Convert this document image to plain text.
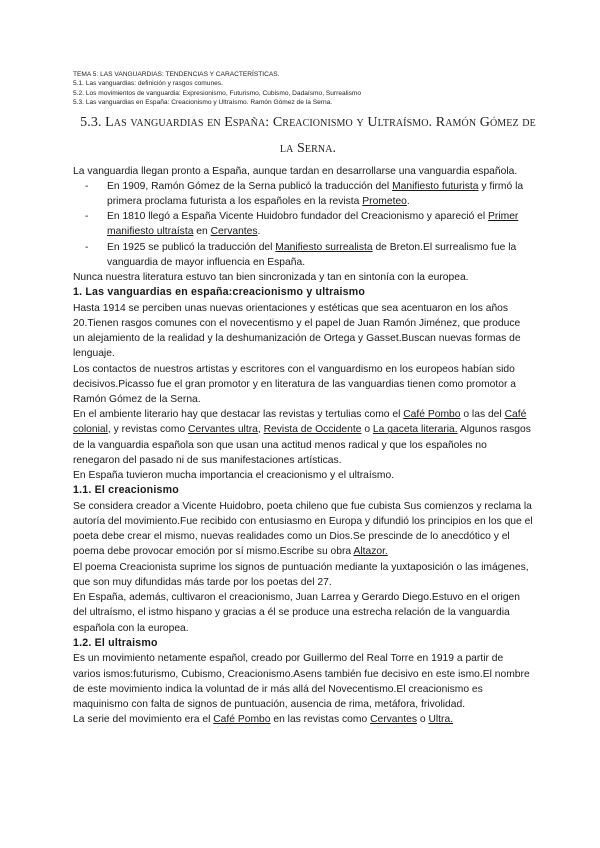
TEMA 5: LAS VANGUARDIAS: TENDENCIAS Y CARACTERÍSTICAS.
5.1. Las vanguardias: definición y rasgos comunes.
5.2. Los movimientos de vanguardia: Expresionismo, Futurismo, Cubismo, Dadaísmo, Surrealismo
5.3. Las vanguardias en España: Creacionismo y Ultraísmo. Ramón Gómez de la Serna.
5.3. Las vanguardias en España: Creacionismo y Ultraísmo. Ramón Gómez de la Serna.

La vanguardia llegan pronto a España, aunque tardan en desarrollarse una vanguardia española.

- En 1909, Ramón Gómez de la Serna publicó la traducción del Manifiesto futurista y firmó la primera proclama futurista a los españoles en la revista Prometeo.
- En 1810 llegó a España Vicente Huidobro fundador del Creacionismo y apareció el Primer manifiesto ultraísta en Cervantes.
- En 1925 se publicó la traducción del Manifiesto surrealista de Breton.El surrealismo fue la vanguardia de mayor influencia en España.

Nunca nuestra literatura estuvo tan bien sincronizada y tan en sintonía con la europea.

1. Las vanguardias en españa:creacionismo y ultraismo

Hasta 1914 se perciben unas nuevas orientaciones y estéticas que sea acentuaron en los años 20.Tienen rasgos comunes con el novecentismo y el papel de Juan Ramón Jiménez, que produce un alejamiento de la realidad y la deshumanización de Ortega y Gasset.Buscan nuevas formas de lenguaje.

Los contactos de nuestros artistas y escritores con el vanguardismo en los europeos habían sido decisivos.Picasso fue el gran promotor y en literatura de las vanguardias tienen como promotor a Ramón Gómez de la Serna.

En el ambiente literario hay que destacar las revistas y tertulias como el Café Pombo o las del Café colonial, y revistas como Cervantes ultra, Revista de Occidente o La gaceta literaria. Algunos rasgos de la vanguardia española son que usan una actitud menos radical y que los españoles no renegaron del pasado ni de sus manifestaciones artísticas.

En España tuvieron mucha importancia el creacionismo y el ultraísmo.

1.1. El creacionismo

Se considera creador a Vicente Huidobro, poeta chileno que fue cubista Sus comienzos y reclama la autoría del movimiento.Fue recibido con entusiasmo en Europa y difundió los principios en los que el poeta debe crear el mismo, nuevas realidades como un Dios.Se prescinde de lo anecdótico y el poema debe provocar emoción por sí mismo.Escribe su obra Altazor.

El poema Creacionista suprime los signos de puntuación mediante la yuxtaposición o las imágenes, que son muy difundidas más tarde por los poetas del 27.

En España, además, cultivaron el creacionismo, Juan Larrea y Gerardo Diego.Estuvo en el origen del ultraísmo, el istmo hispano y gracias a él se produce una estrecha relación de la vanguardia española con la europea.

1.2. El ultraismo

Es un movimiento netamente español, creado por Guillermo del Real Torre en 1919 a partir de varios ismos:futurismo, Cubismo, Creacionismo.Asens también fue decisivo en este ismo.El nombre de este movimiento indica la voluntad de ir más allá del Novecentismo.El creacionismo es maquinismo con falta de signos de puntuación, ausencia de rima, metáfora, frivolidad.

La serie del movimiento era el Café Pombo en las revistas como Cervantes o Ultra.
